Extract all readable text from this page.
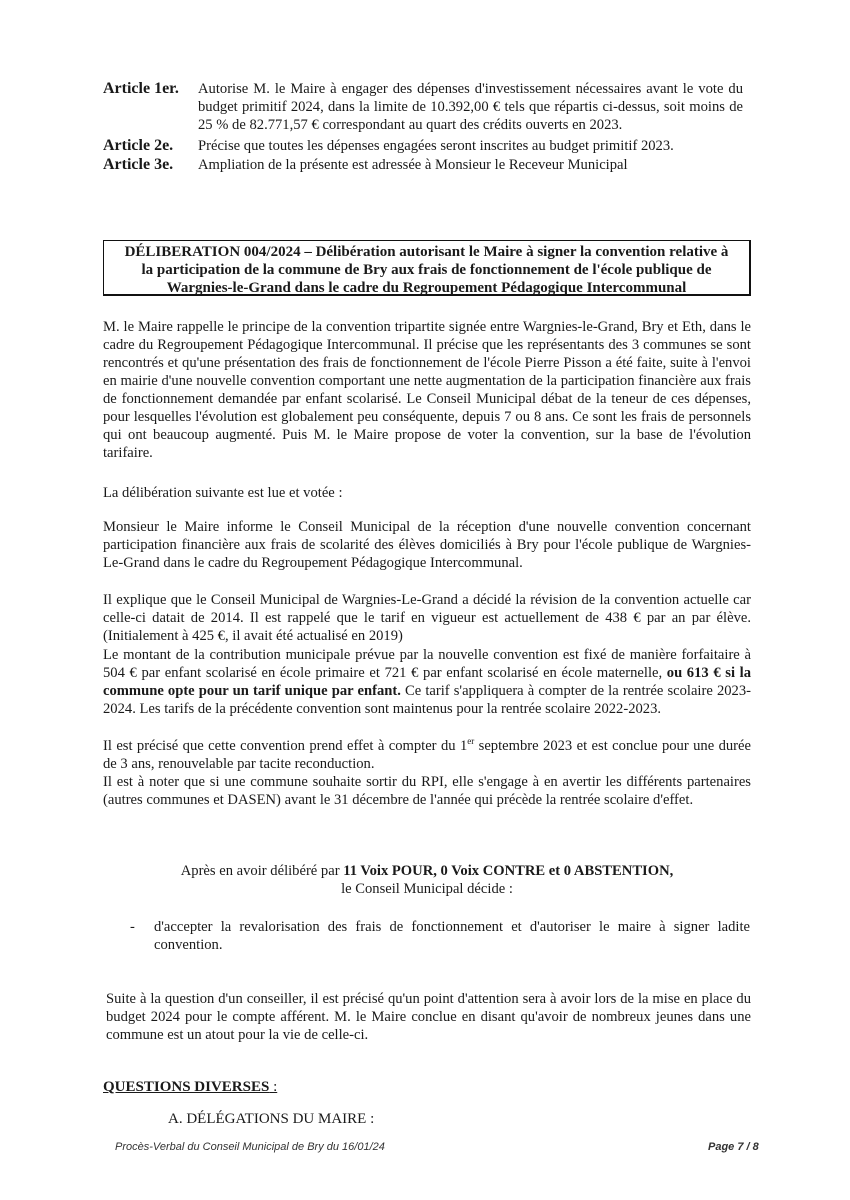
Article 1er. Autorise M. le Maire à engager des dépenses d'investissement nécessaires avant le vote du budget primitif 2024, dans la limite de 10.392,00 € tels que répartis ci-dessus, soit moins de 25 % de 82.771,57 € correspondant au quart des crédits ouverts en 2023.
Article 2e. Précise que toutes les dépenses engagées seront inscrites au budget primitif 2023.
Article 3e. Ampliation de la présente est adressée à Monsieur le Receveur Municipal
DÉLIBERATION 004/2024 – Délibération autorisant le Maire à signer la convention relative à
la participation de la commune de Bry aux frais de fonctionnement de l'école publique de
Wargnies-le-Grand dans le cadre du Regroupement Pédagogique Intercommunal
M. le Maire rappelle le principe de la convention tripartite signée entre Wargnies-le-Grand, Bry et Eth, dans le cadre du Regroupement Pédagogique Intercommunal. Il précise que les représentants des 3 communes se sont rencontrés et qu'une présentation des frais de fonctionnement de l'école Pierre Pisson a été faite, suite à l'envoi en mairie d'une nouvelle convention comportant une nette augmentation de la participation financière aux frais de fonctionnement demandée par enfant scolarisé. Le Conseil Municipal débat de la teneur de ces dépenses, pour lesquelles l'évolution est globalement peu conséquente, depuis 7 ou 8 ans. Ce sont les frais de personnels qui ont beaucoup augmenté. Puis M. le Maire propose de voter la convention, sur la base de l'évolution tarifaire.
La délibération suivante est lue et votée :
Monsieur le Maire informe le Conseil Municipal de la réception d'une nouvelle convention concernant participation financière aux frais de scolarité des élèves domiciliés à Bry pour l'école publique de Wargnies-Le-Grand dans le cadre du Regroupement Pédagogique Intercommunal.
Il explique que le Conseil Municipal de Wargnies-Le-Grand a décidé la révision de la convention actuelle car celle-ci datait de 2014. Il est rappelé que le tarif en vigueur est actuellement de 438 € par an par élève. (Initialement à 425 €, il avait été actualisé en 2019)
Le montant de la contribution municipale prévue par la nouvelle convention est fixé de manière forfaitaire à 504 € par enfant scolarisé en école primaire et 721 € par enfant scolarisé en école maternelle, ou 613 € si la commune opte pour un tarif unique par enfant. Ce tarif s'appliquera à compter de la rentrée scolaire 2023-2024. Les tarifs de la précédente convention sont maintenus pour la rentrée scolaire 2022-2023.
Il est précisé que cette convention prend effet à compter du 1er septembre 2023 et est conclue pour une durée de 3 ans, renouvelable par tacite reconduction.
Il est à noter que si une commune souhaite sortir du RPI, elle s'engage à en avertir les différents partenaires (autres communes et DASEN) avant le 31 décembre de l'année qui précède la rentrée scolaire d'effet.
Après en avoir délibéré par 11 Voix POUR, 0 Voix CONTRE et 0 ABSTENTION,
le Conseil Municipal décide :
- d'accepter la revalorisation des frais de fonctionnement et d'autoriser le maire à signer ladite convention.
Suite à la question d'un conseiller, il est précisé qu'un point d'attention sera à avoir lors de la mise en place du budget 2024 pour le compte afférent. M. le Maire conclue en disant qu'avoir de nombreux jeunes dans une commune est un atout pour la vie de celle-ci.
QUESTIONS DIVERSES :
A. DÉLÉGATIONS DU MAIRE :
Procès-Verbal du Conseil Municipal de Bry du 16/01/24	Page 7 / 8
